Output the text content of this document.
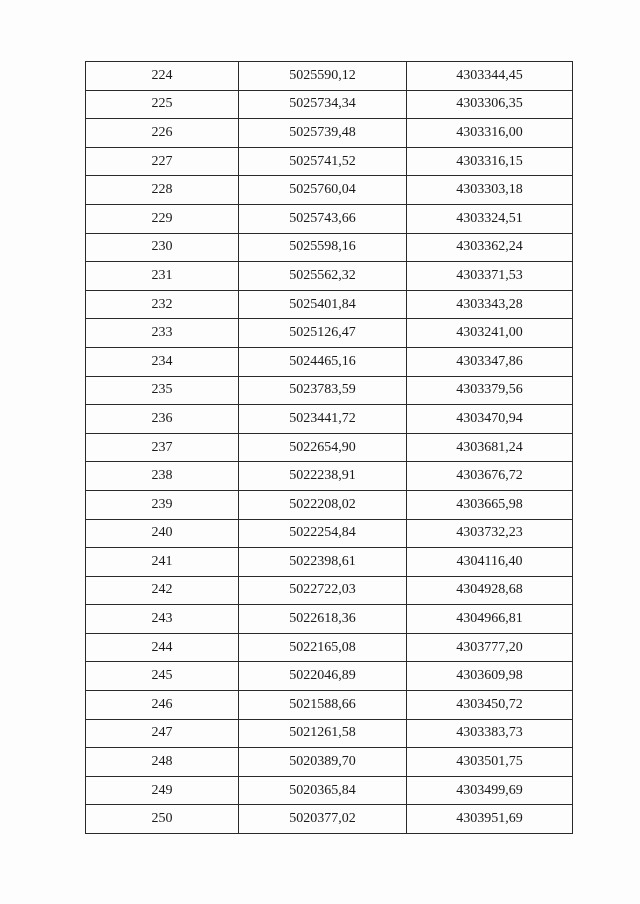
224	5025590,12	4303344,45
225	5025734,34	4303306,35
226	5025739,48	4303316,00
227	5025741,52	4303316,15
228	5025760,04	4303303,18
229	5025743,66	4303324,51
230	5025598,16	4303362,24
231	5025562,32	4303371,53
232	5025401,84	4303343,28
233	5025126,47	4303241,00
234	5024465,16	4303347,86
235	5023783,59	4303379,56
236	5023441,72	4303470,94
237	5022654,90	4303681,24
238	5022238,91	4303676,72
239	5022208,02	4303665,98
240	5022254,84	4303732,23
241	5022398,61	4304116,40
242	5022722,03	4304928,68
243	5022618,36	4304966,81
244	5022165,08	4303777,20
245	5022046,89	4303609,98
246	5021588,66	4303450,72
247	5021261,58	4303383,73
248	5020389,70	4303501,75
249	5020365,84	4303499,69
250	5020377,02	4303951,69
